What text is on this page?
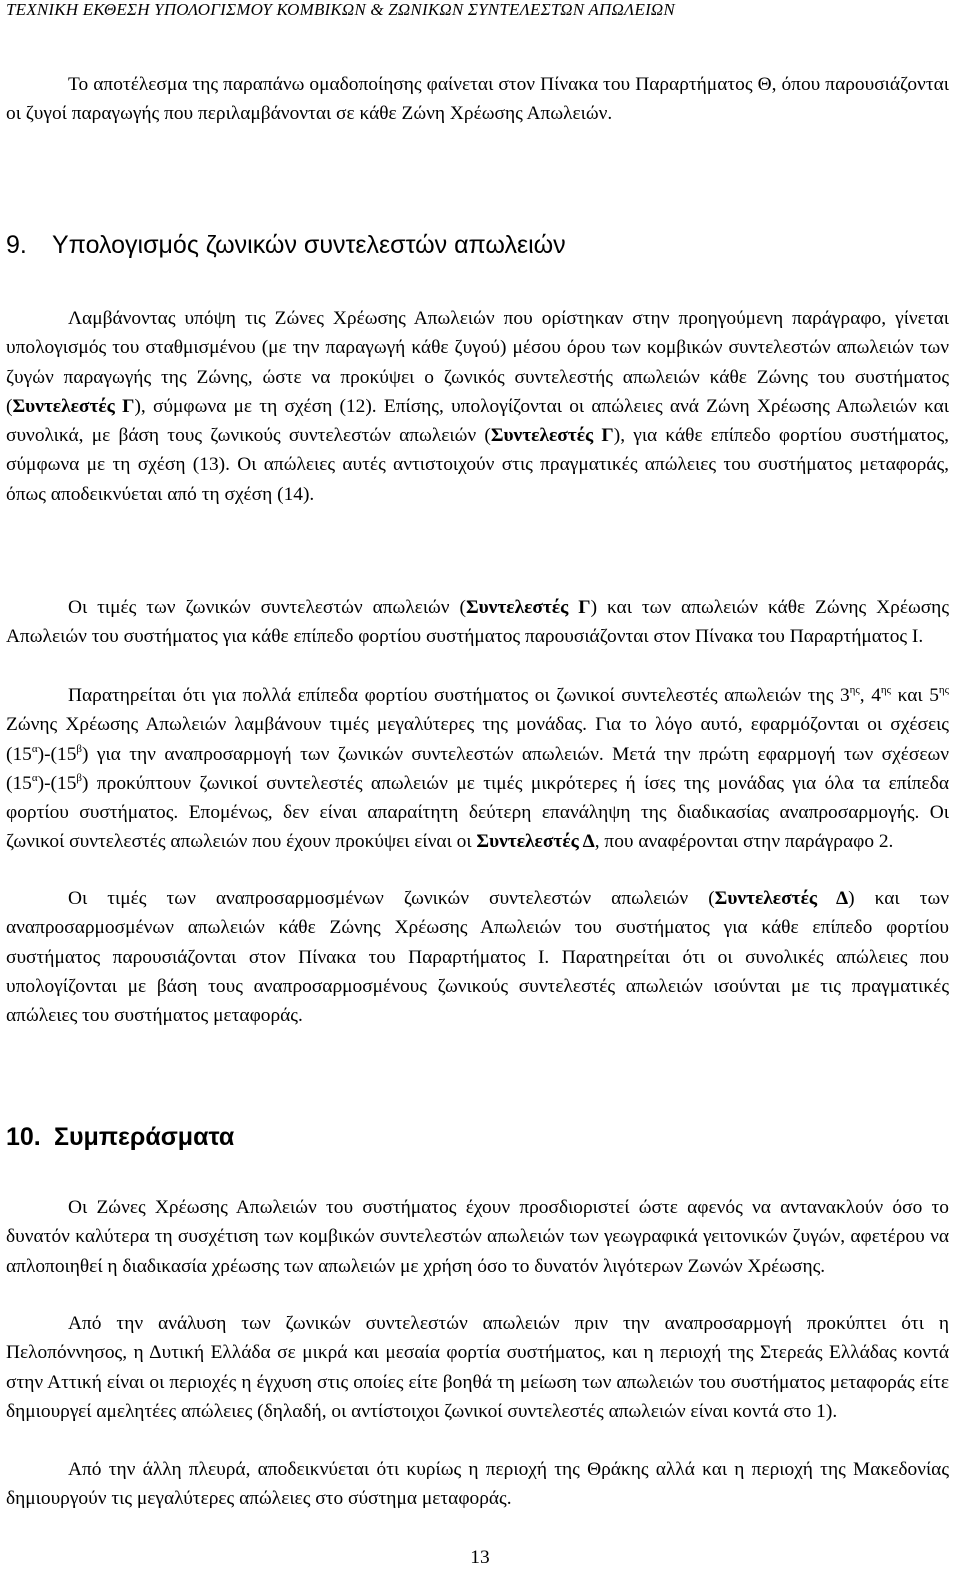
ΤΕΧΝΙΚΗ ΕΚΘΕΣΗ ΥΠΟΛΟΓΙΣΜΟΥ ΚΟΜΒΙΚΩΝ & ΖΩΝΙΚΩΝ ΣΥΝΤΕΛΕΣΤΩΝ ΑΠΩΛΕΙΩΝ

Το αποτέλεσμα της παραπάνω ομαδοποίησης φαίνεται στον Πίνακα του Παραρτήματος Θ, όπου παρουσιάζονται οι ζυγοί παραγωγής που περιλαμβάνονται σε κάθε Ζώνη Χρέωσης Απωλειών.

9. Υπολογισμός ζωνικών συντελεστών απωλειών

Λαμβάνοντας υπόψη τις Ζώνες Χρέωσης Απωλειών που ορίστηκαν στην προηγούμενη παράγραφο, γίνεται υπολογισμός του σταθμισμένου (με την παραγωγή κάθε ζυγού) μέσου όρου των κομβικών συντελεστών απωλειών των ζυγών παραγωγής της Ζώνης, ώστε να προκύψει ο ζωνικός συντελεστής απωλειών κάθε Ζώνης του συστήματος (Συντελεστές Γ), σύμφωνα με τη σχέση (12). Επίσης, υπολογίζονται οι απώλειες ανά Ζώνη Χρέωσης Απωλειών και συνολικά, με βάση τους ζωνικούς συντελεστών απωλειών (Συντελεστές Γ), για κάθε επίπεδο φορτίου συστήματος, σύμφωνα με τη σχέση (13). Οι απώλειες αυτές αντιστοιχούν στις πραγματικές απώλειες του συστήματος μεταφοράς, όπως αποδεικνύεται από τη σχέση (14).

Οι τιμές των ζωνικών συντελεστών απωλειών (Συντελεστές Γ) και των απωλειών κάθε Ζώνης Χρέωσης Απωλειών του συστήματος για κάθε επίπεδο φορτίου συστήματος παρουσιάζονται στον Πίνακα του Παραρτήματος Ι.

Παρατηρείται ότι για πολλά επίπεδα φορτίου συστήματος οι ζωνικοί συντελεστές απωλειών της $3^{\eta\varsigma}$, $4^{\eta\varsigma}$ και $5^{\eta\varsigma}$ Ζώνης Χρέωσης Απωλειών λαμβάνουν τιμές μεγαλύτερες της μονάδας. Για το λόγο αυτό, εφαρμόζονται οι σχέσεις $(15^\alpha)-(15^\beta)$ για την αναπροσαρμογή των ζωνικών συντελεστών απωλειών. Μετά την πρώτη εφαρμογή των σχέσεων $(15^\alpha)-(15^\beta)$ προκύπτουν ζωνικοί συντελεστές απωλειών με τιμές μικρότερες ή ίσες της μονάδας για όλα τα επίπεδα φορτίου συστήματος. Επομένως, δεν είναι απαραίτητη δεύτερη επανάληψη της διαδικασίας αναπροσαρμογής. Οι ζωνικοί συντελεστές απωλειών που έχουν προκύψει είναι οι Συντελεστές Δ, που αναφέρονται στην παράγραφο 2.

Οι τιμές των αναπροσαρμοσμένων ζωνικών συντελεστών απωλειών (Συντελεστές Δ) και των αναπροσαρμοσμένων απωλειών κάθε Ζώνης Χρέωσης Απωλειών του συστήματος για κάθε επίπεδο φορτίου συστήματος παρουσιάζονται στον Πίνακα του Παραρτήματος Ι. Παρατηρείται ότι οι συνολικές απώλειες που υπολογίζονται με βάση τους αναπροσαρμοσμένους ζωνικούς συντελεστές απωλειών ισούνται με τις πραγματικές απώλειες του συστήματος μεταφοράς.

10. Συμπεράσματα

Οι Ζώνες Χρέωσης Απωλειών του συστήματος έχουν προσδιοριστεί ώστε αφενός να αντανακλούν όσο το δυνατόν καλύτερα τη συσχέτιση των κομβικών συντελεστών απωλειών των γεωγραφικά γειτονικών ζυγών, αφετέρου να απλοποιηθεί η διαδικασία χρέωσης των απωλειών με χρήση όσο το δυνατόν λιγότερων Ζωνών Χρέωσης.

Από την ανάλυση των ζωνικών συντελεστών απωλειών πριν την αναπροσαρμογή προκύπτει ότι η Πελοπόννησος, η Δυτική Ελλάδα σε μικρά και μεσαία φορτία συστήματος, και η περιοχή της Στερεάς Ελλάδας κοντά στην Αττική είναι οι περιοχές η έγχυση στις οποίες είτε βοηθά τη μείωση των απωλειών του συστήματος μεταφοράς είτε δημιουργεί αμελητέες απώλειες (δηλαδή, οι αντίστοιχοι ζωνικοί συντελεστές απωλειών είναι κοντά στο 1).

Από την άλλη πλευρά, αποδεικνύεται ότι κυρίως η περιοχή της Θράκης αλλά και η περιοχή της Μακεδονίας δημιουργούν τις μεγαλύτερες απώλειες στο σύστημα μεταφοράς.

13
